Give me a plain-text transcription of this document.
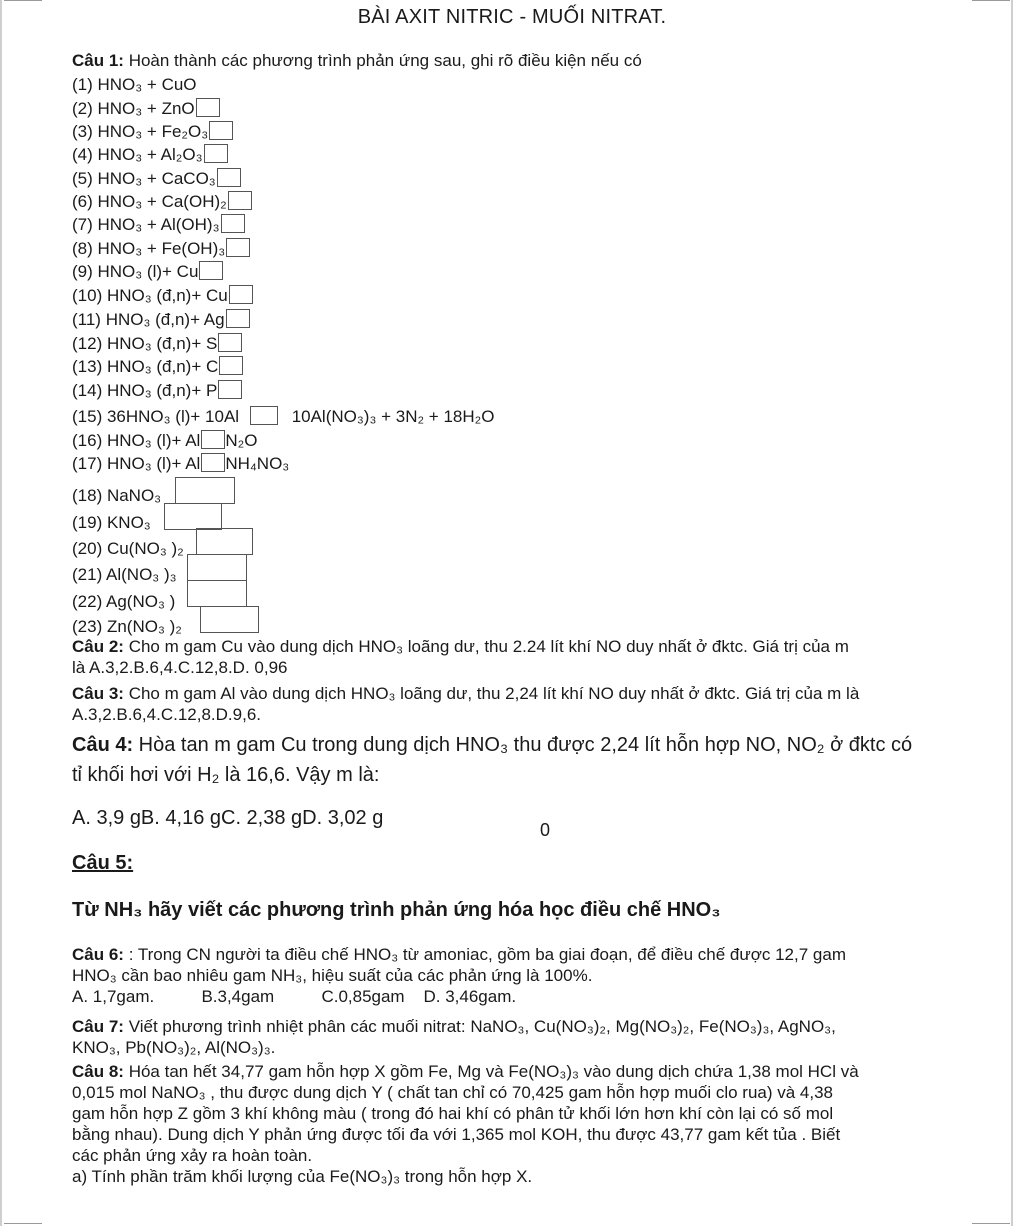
BÀI AXIT NITRIC - MUỐI NITRAT.
Câu 1: Hoàn thành các phương trình phản ứng sau, ghi rõ điều kiện nếu có
(1) HNO₃ + CuO
(2) HNO₃ + ZnO
(3) HNO₃ + Fe₂O₃
(4) HNO₃ + Al₂O₃
(5) HNO₃ + CaCO₃
(6) HNO₃ + Ca(OH)₂
(7) HNO₃ + Al(OH)₃
(8) HNO₃ + Fe(OH)₃
(9) HNO₃ (l)+ Cu
(10) HNO₃ (đ,n)+ Cu
(11) HNO₃ (đ,n)+ Ag
(12) HNO₃ (đ,n)+ S
(13) HNO₃ (đ,n)+ C
(14) HNO₃ (đ,n)+ P
(15) 36HNO₃ (l)+ 10Al	10Al(NO₃)₃ + 3N₂ + 18H₂O
(16) HNO₃ (l)+ Al N₂O
(17) HNO₃ (l)+ Al NH₄NO₃
(18) NaNO₃
(19) KNO₃
(20) Cu(NO₃ )₂
(21) Al(NO₃ )₃
(22) Ag(NO₃ )
(23) Zn(NO₃ )₂
Câu 2: Cho m gam Cu vào dung dịch HNO₃ loãng dư, thu 2.24 lít khí NO duy nhất ở đktc. Giá trị của m
là A.3,2.B.6,4.C.12,8.D. 0,96
Câu 3: Cho m gam Al vào dung dịch HNO₃ loãng dư, thu 2,24 lít khí NO duy nhất ở đktc. Giá trị của m là
A.3,2.B.6,4.C.12,8.D.9,6.
Câu 4: Hòa tan m gam Cu trong dung dịch HNO₃ thu được 2,24 lít hỗn hợp NO, NO₂ ở đktc có
tỉ khối hơi với H₂ là 16,6. Vậy m là:
A. 3,9 gB. 4,16 gC. 2,38 gD. 3,02 g
0
Câu 5:
Từ NH₃ hãy viết các phương trình phản ứng hóa học điều chế HNO₃
Câu 6: : Trong CN người ta điều chế HNO₃ từ amoniac, gồm ba giai đoạn, để điều chế được 12,7 gam
HNO₃ cần bao nhiêu gam NH₃, hiệu suất của các phản ứng là 100%.
A. 1,7gam.          B.3,4gam          C.0,85gam    D. 3,46gam.
Câu 7: Viết phương trình nhiệt phân các muối nitrat: NaNO₃, Cu(NO₃)₂, Mg(NO₃)₂, Fe(NO₃)₃, AgNO₃,
KNO₃, Pb(NO₃)₂, Al(NO₃)₃.
Câu 8: Hóa tan hết 34,77 gam hỗn hợp X gồm Fe, Mg và Fe(NO₃)₃ vào dung dịch chứa 1,38 mol HCl và
0,015 mol NaNO₃ , thu được dung dịch Y ( chất tan chỉ có 70,425 gam hỗn hợp muối clo rua) và 4,38
gam hỗn hợp Z gồm 3 khí không màu ( trong đó hai khí có phân tử khối lớn hơn khí còn lại có số mol
bằng nhau). Dung dịch Y phản ứng được tối đa với 1,365 mol KOH, thu được 43,77 gam kết tủa . Biết
các phản ứng xảy ra hoàn toàn.
a) Tính phần trăm khối lượng của Fe(NO₃)₃ trong hỗn hợp X.
